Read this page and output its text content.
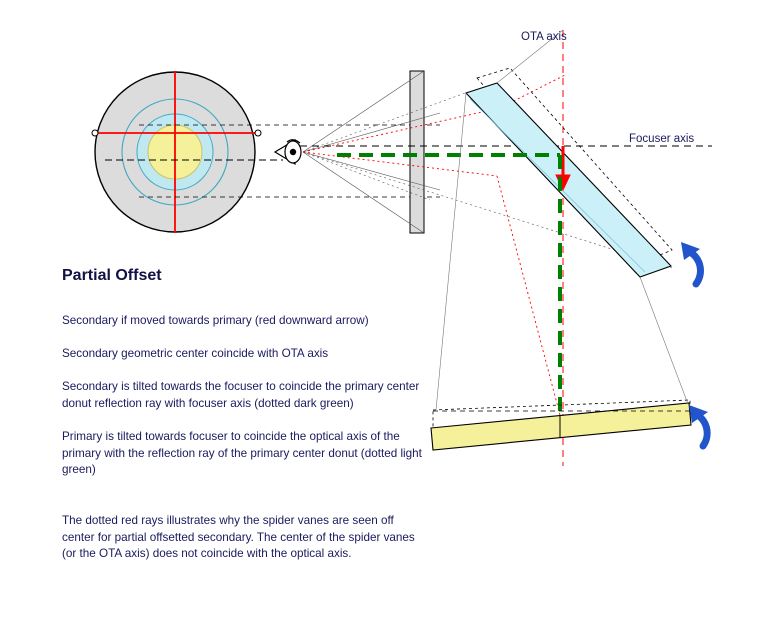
OTA axis
Focuser axis
Partial Offset
Secondary if moved towards primary (red downward arrow)
Secondary geometric center coincide with OTA axis
Secondary is tilted towards the focuser to coincide the primary center donut reflection ray with focuser axis (dotted dark green)
Primary is tilted towards focuser to coincide the optical axis of the primary with the reflection ray of the primary center donut (dotted light green)
The dotted red rays illustrates why the spider vanes are seen off center for partial offsetted secondary. The center of the spider vanes (or the OTA axis) does not coincide with the optical axis.
